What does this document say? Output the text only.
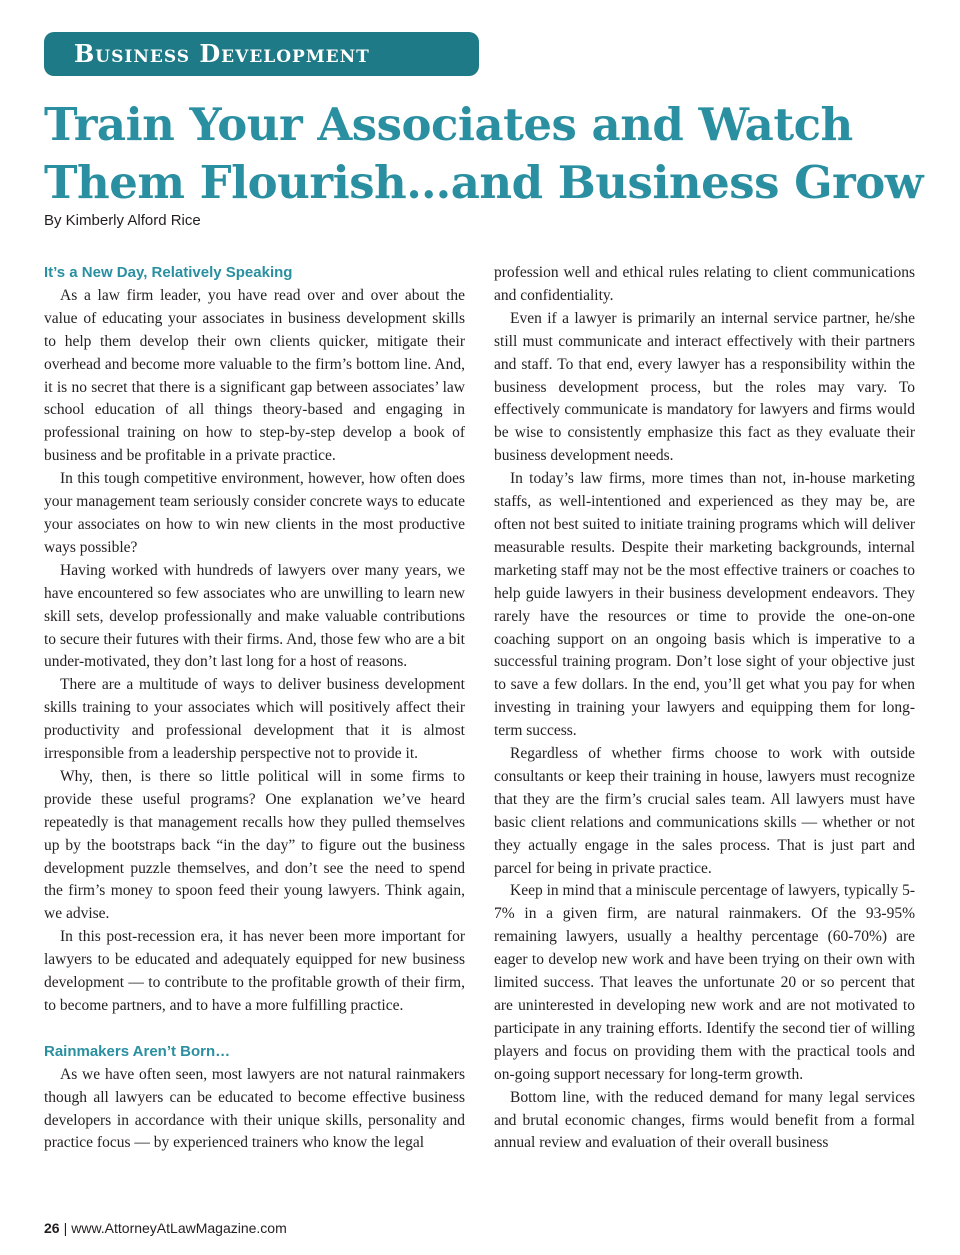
Business Development
Train Your Associates and Watch
Them Flourish…and Business Grow

By Kimberly Alford Rice

It’s a New Day, Relatively Speaking

As a law firm leader, you have read over and over about the value of educating your associates in business development skills to help them develop their own clients quicker, mitigate their overhead and become more valuable to the firm’s bottom line. And, it is no secret that there is a significant gap between associates’ law school education of all things theory-based and engaging in professional training on how to step-by-step develop a book of business and be profitable in a private practice.

In this tough competitive environment, however, how often does your management team seriously consider concrete ways to educate your associates on how to win new clients in the most productive ways possible?

Having worked with hundreds of lawyers over many years, we have encountered so few associates who are unwilling to learn new skill sets, develop professionally and make valuable contributions to secure their futures with their firms. And, those few who are a bit under-motivated, they don’t last long for a host of reasons.

There are a multitude of ways to deliver business development skills training to your associates which will positively affect their productivity and professional development that it is almost irresponsible from a leadership perspective not to provide it.

Why, then, is there so little political will in some firms to provide these useful programs? One explanation we’ve heard repeatedly is that management recalls how they pulled themselves up by the bootstraps back “in the day” to figure out the business development puzzle themselves, and don’t see the need to spend the firm’s money to spoon feed their young lawyers. Think again, we advise.

In this post-recession era, it has never been more important for lawyers to be educated and adequately equipped for new business development — to contribute to the profitable growth of their firm, to become partners, and to have a more fulfilling practice.

Rainmakers Aren’t Born…

As we have often seen, most lawyers are not natural rainmakers though all lawyers can be educated to become effective business developers in accordance with their unique skills, personality and practice focus — by experienced trainers who know the legal

profession well and ethical rules relating to client communications and confidentiality.

Even if a lawyer is primarily an internal service partner, he/she still must communicate and interact effectively with their partners and staff. To that end, every lawyer has a responsibility within the business development process, but the roles may vary. To effectively communicate is mandatory for lawyers and firms would be wise to consistently emphasize this fact as they evaluate their business development needs.

In today’s law firms, more times than not, in-house marketing staffs, as well-intentioned and experienced as they may be, are often not best suited to initiate training programs which will deliver measurable results. Despite their marketing backgrounds, internal marketing staff may not be the most effective trainers or coaches to help guide lawyers in their business development endeavors. They rarely have the resources or time to provide the one-on-one coaching support on an ongoing basis which is imperative to a successful training program. Don’t lose sight of your objective just to save a few dollars. In the end, you’ll get what you pay for when investing in training your lawyers and equipping them for long-term success.

Regardless of whether firms choose to work with outside consultants or keep their training in house, lawyers must recognize that they are the firm’s crucial sales team. All lawyers must have basic client relations and communications skills — whether or not they actually engage in the sales process. That is just part and parcel for being in private practice.

Keep in mind that a miniscule percentage of lawyers, typically 5-7% in a given firm, are natural rainmakers. Of the 93-95% remaining lawyers, usually a healthy percentage (60-70%) are eager to develop new work and have been trying on their own with limited success. That leaves the unfortunate 20 or so percent that are uninterested in developing new work and are not motivated to participate in any training efforts. Identify the second tier of willing players and focus on providing them with the practical tools and on-going support necessary for long-term growth.

Bottom line, with the reduced demand for many legal services and brutal economic changes, firms would benefit from a formal annual review and evaluation of their overall business

26 | www.AttorneyAtLawMagazine.com
